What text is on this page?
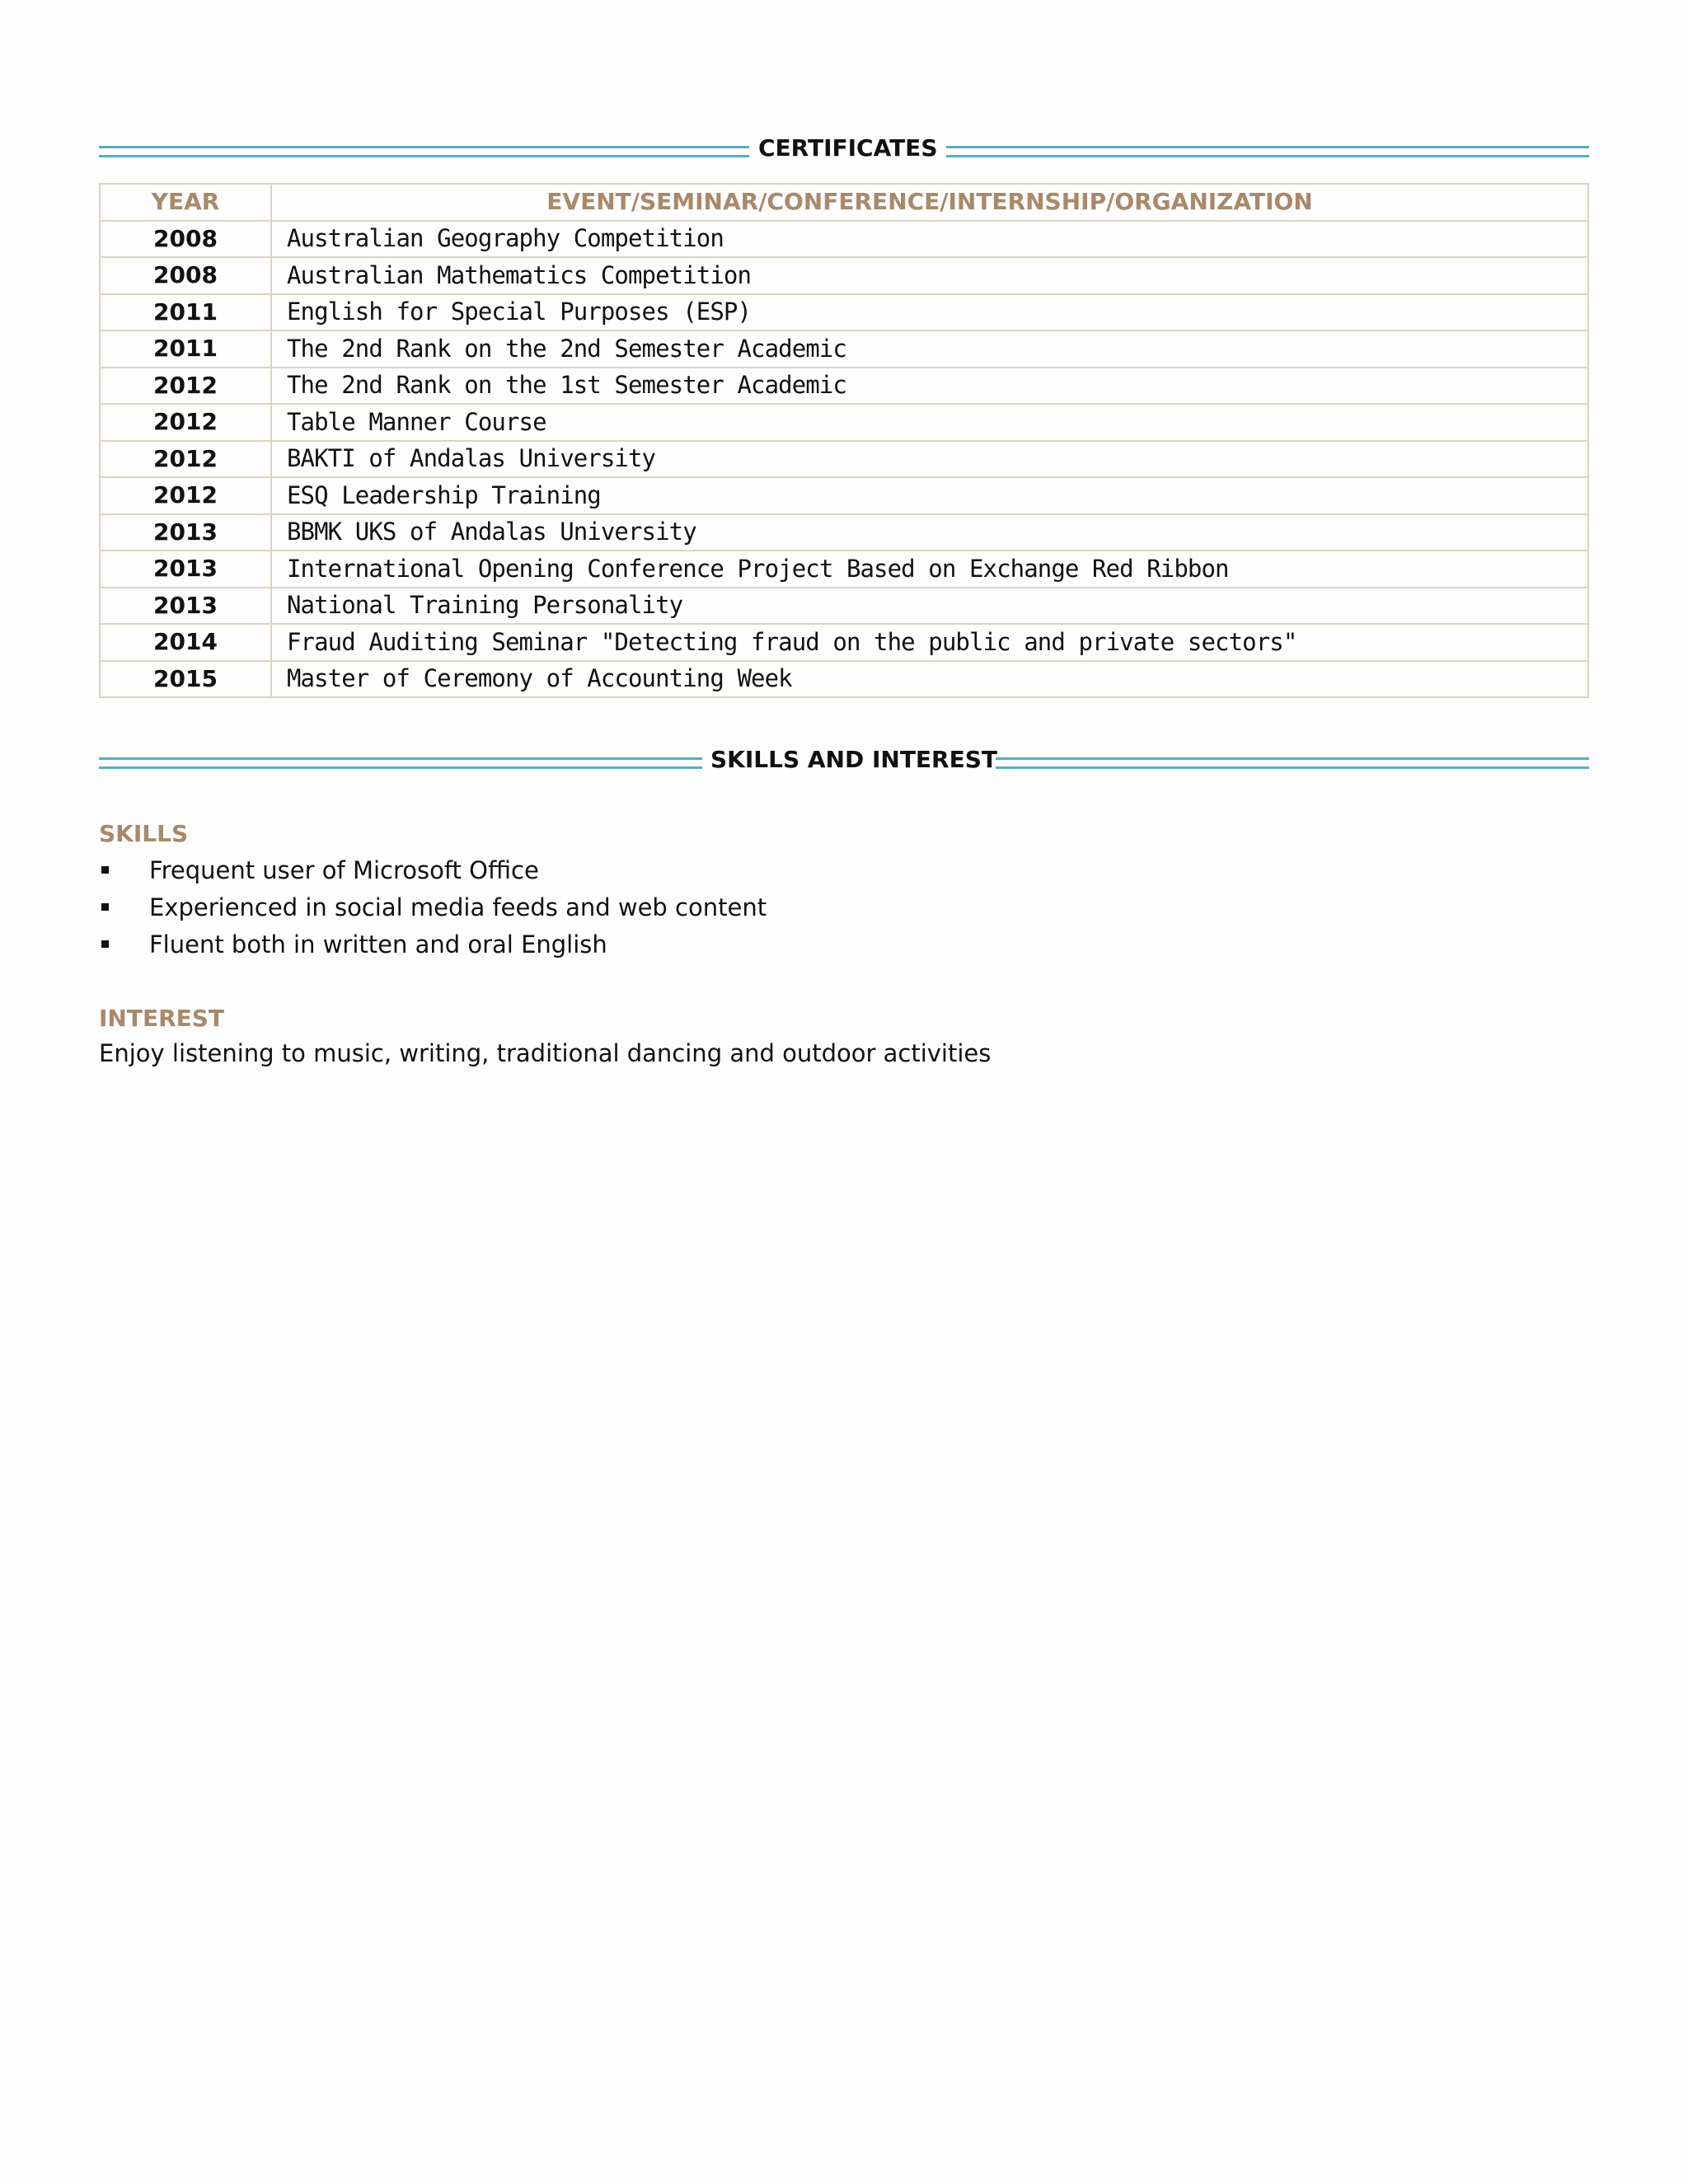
CERTIFICATES
YEAR	EVENT/SEMINAR/CONFERENCE/INTERNSHIP/ORGANIZATION
2008	Australian Geography Competition
2008	Australian Mathematics Competition
2011	English for Special Purposes (ESP)
2011	The 2nd Rank on the 2nd Semester Academic
2012	The 2nd Rank on the 1st Semester Academic
2012	Table Manner Course
2012	BAKTI of Andalas University
2012	ESQ Leadership Training
2013	BBMK UKS of Andalas University
2013	International Opening Conference Project Based on Exchange Red Ribbon
2013	National Training Personality
2014	Fraud Auditing Seminar "Detecting fraud on the public and private sectors"
2015	Master of Ceremony of Accounting Week
SKILLS AND INTEREST
SKILLS
Frequent user of Microsoft Office
Experienced in social media feeds and web content
Fluent both in written and oral English
INTEREST
Enjoy listening to music, writing, traditional dancing and outdoor activities
